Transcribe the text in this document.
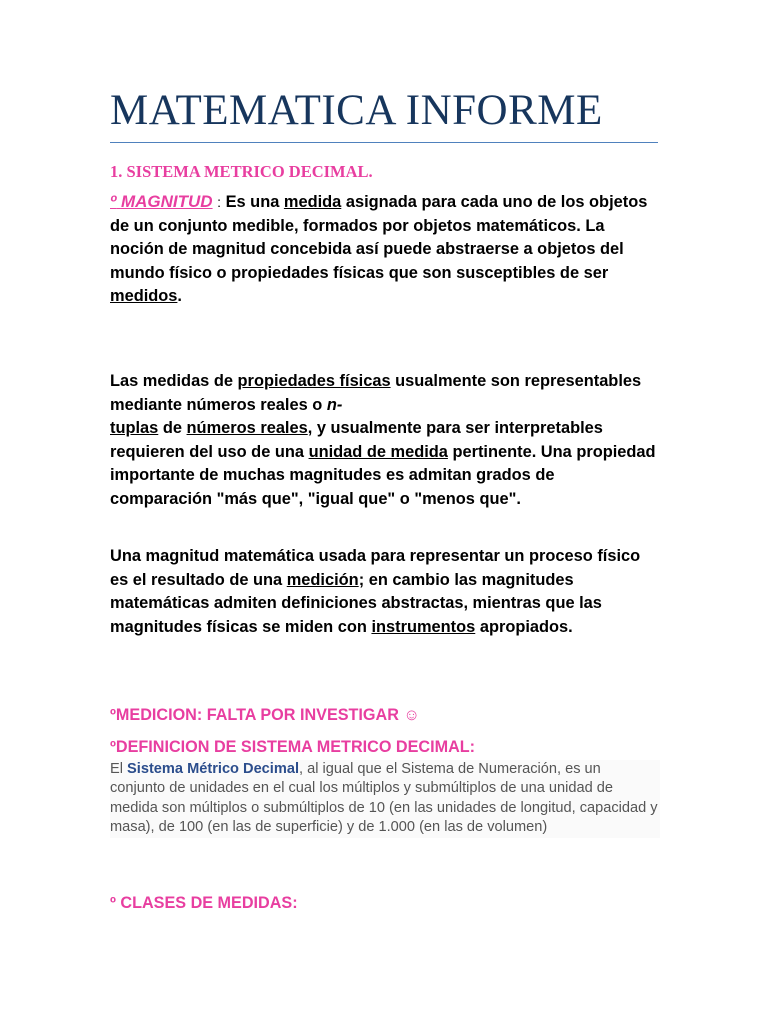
MATEMATICA INFORME
1. SISTEMA METRICO DECIMAL.
º MAGNITUD : Es una medida asignada para cada uno de los objetos de un conjunto medible, formados por objetos matemáticos. La noción de magnitud concebida así puede abstraerse a objetos del mundo físico o propiedades físicas que son susceptibles de ser medidos.
Las medidas de propiedades físicas usualmente son representables mediante números reales o n-
tuplas de números reales, y usualmente para ser interpretables requieren del uso de una unidad de medida pertinente. Una propiedad importante de muchas magnitudes es admitan grados de comparación "más que", "igual que" o "menos que".
Una magnitud matemática usada para representar un proceso físico es el resultado de una medición; en cambio las magnitudes matemáticas admiten definiciones abstractas, mientras que las magnitudes físicas se miden con instrumentos apropiados.
ºMEDICION: FALTA POR INVESTIGAR ☺
ºDEFINICION DE SISTEMA METRICO DECIMAL:
El Sistema Métrico Decimal, al igual que el Sistema de Numeración, es un conjunto de unidades en el cual los múltiplos y submúltiplos de una unidad de medida son múltiplos o submúltiplos de 10 (en las unidades de longitud, capacidad y masa), de 100 (en las de superficie) y de 1.000 (en las de volumen)
º CLASES DE MEDIDAS:
